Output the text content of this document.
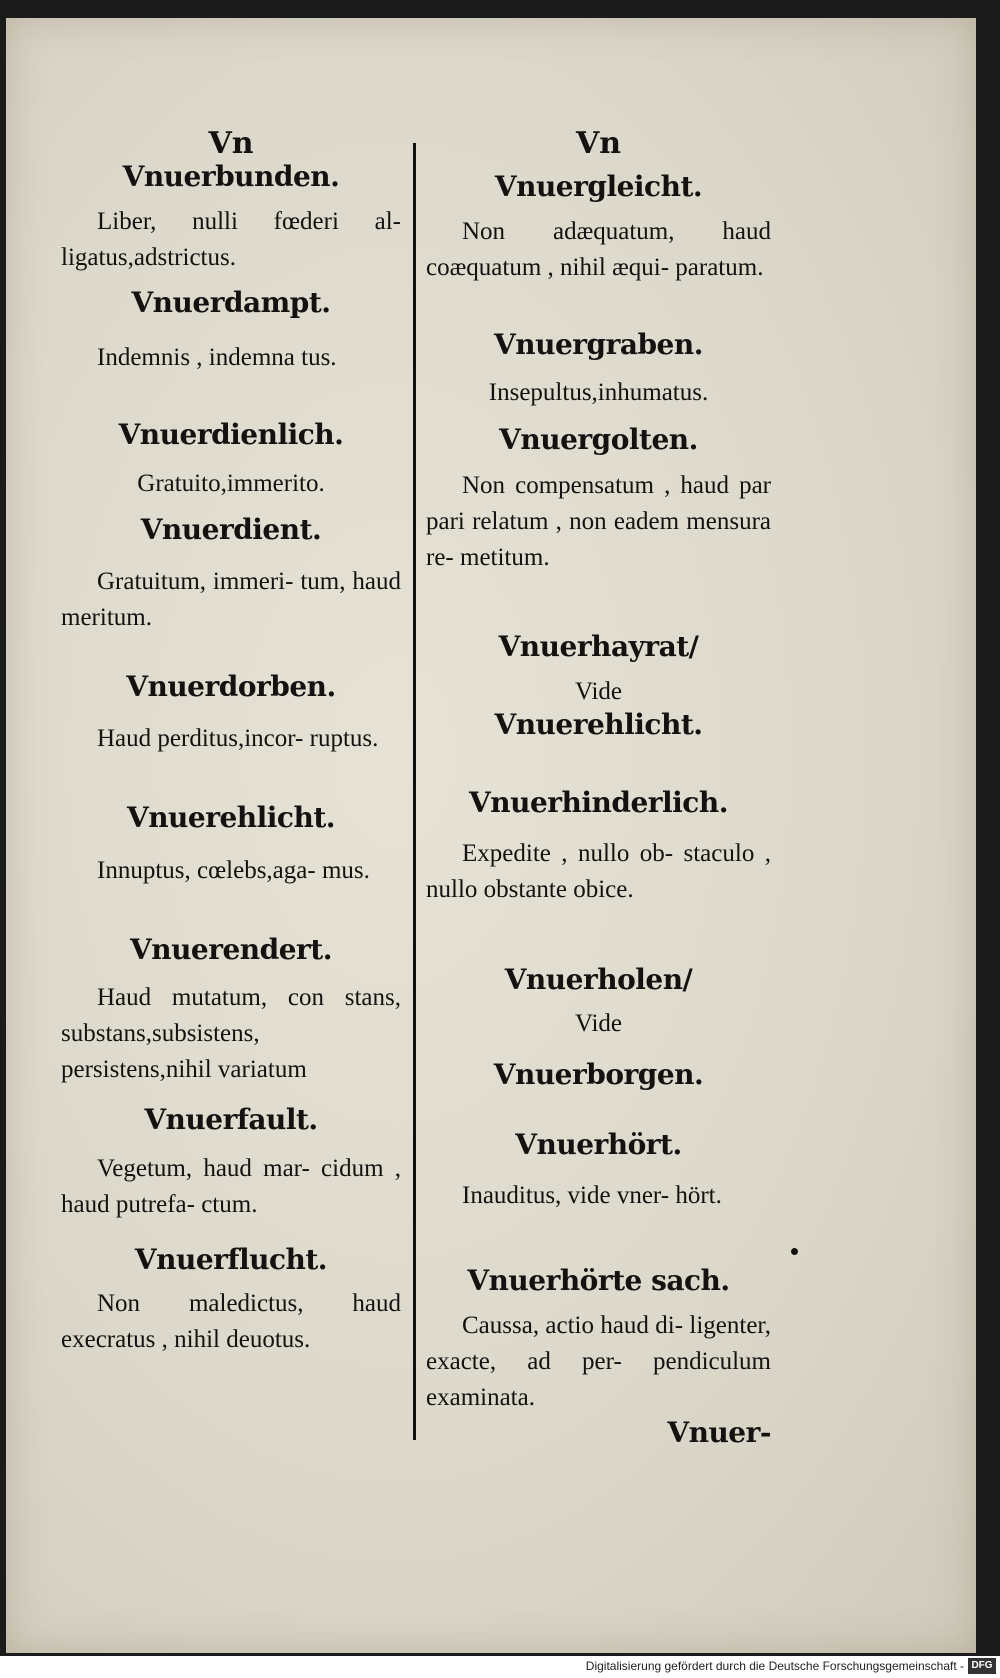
Vn
Vnuerbunden.
Liber, nulli fœderi al- ligatus,adstrictus.
Vnuerdampt.
Indemnis , indemna tus.
Vnuerdienlich.
Gratuito,immerito.
Vnuerdient.
Gratuitum, immeri- tum, haud meritum.
Vnuerdorben.
Haud perditus,incor- ruptus.
Vnuerehlicht.
Innuptus, cœlebs,aga- mus.
Vnuerendert.
Haud mutatum, con stans, substans,subsistens, persistens,nihil variatum
Vnuerfault.
Vegetum, haud mar- cidum , haud putrefa- ctum.
Vnuerflucht.
Non maledictus, haud execratus , nihil deuotus.
Vn
Vnuergleicht.
Non adæquatum, haud coæquatum , nihil æqui- paratum.
Vnuergraben.
Insepultus,inhumatus.
Vnuergolten.
Non compensatum , haud par pari relatum , non eadem mensura re- metitum.
Vnuerhayrat/
Vide
Vnuerehlicht.
Vnuerhinderlich.
Expedite , nullo ob- staculo , nullo obstante obice.
Vnuerholen/
Vide
Vnuerborgen.
Vnuerhört.
Inauditus, vide vner- hört.
Vnuerhörte sach.
Caussa, actio haud di- ligenter, exacte, ad per- pendiculum examinata.
Vnuer-
Digitalisierung gefördert durch die Deutsche Forschungsgemeinschaft - DFG
